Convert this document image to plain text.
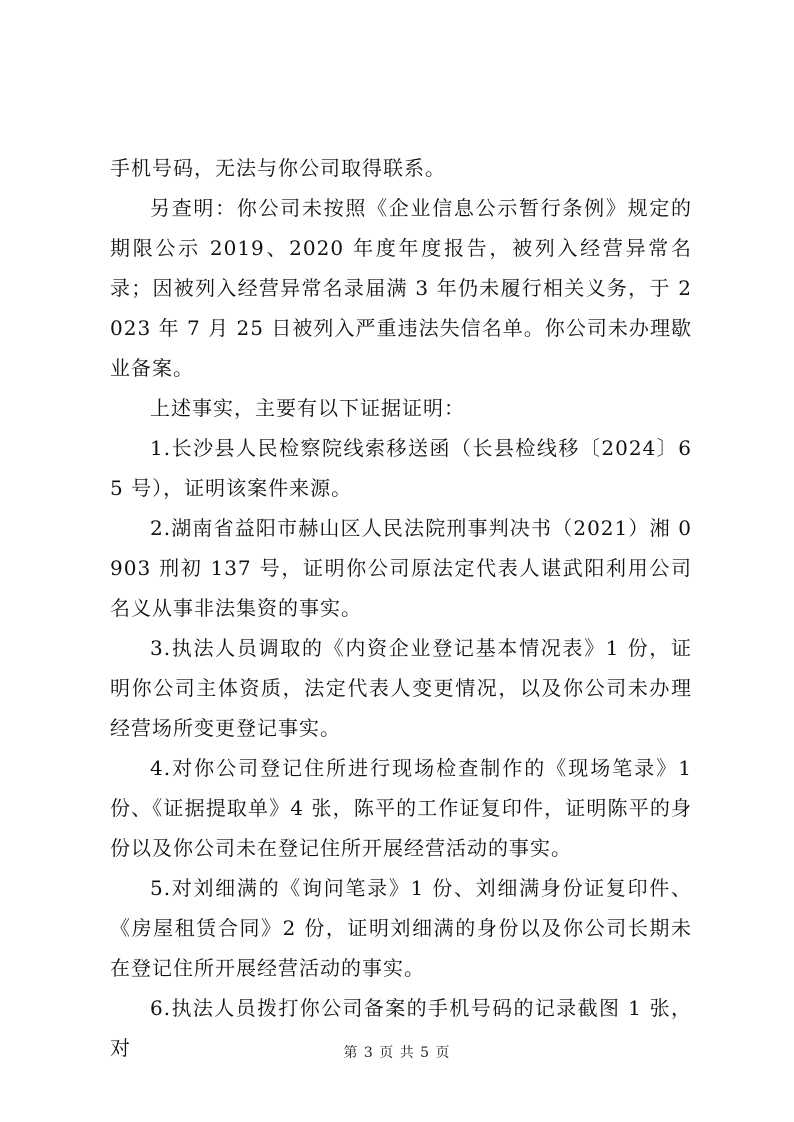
手机号码，无法与你公司取得联系。

另查明：你公司未按照《企业信息公示暂行条例》规定的期限公示 2019、2020 年度年度报告，被列入经营异常名录；因被列入经营异常名录届满 3 年仍未履行相关义务，于 2023 年 7 月 25 日被列入严重违法失信名单。你公司未办理歇业备案。

上述事实，主要有以下证据证明：

1.长沙县人民检察院线索移送函（长县检线移〔2024〕65 号），证明该案件来源。

2.湖南省益阳市赫山区人民法院刑事判决书（2021）湘 0903 刑初 137 号，证明你公司原法定代表人谌武阳利用公司名义从事非法集资的事实。

3.执法人员调取的《内资企业登记基本情况表》1 份，证明你公司主体资质，法定代表人变更情况，以及你公司未办理经营场所变更登记事实。

4.对你公司登记住所进行现场检查制作的《现场笔录》1 份、《证据提取单》4 张，陈平的工作证复印件，证明陈平的身份以及你公司未在登记住所开展经营活动的事实。

5.对刘细满的《询问笔录》1 份、刘细满身份证复印件、《房屋租赁合同》2 份，证明刘细满的身份以及你公司长期未在登记住所开展经营活动的事实。

6.执法人员拨打你公司备案的手机号码的记录截图 1 张，对	第 3 页 共 5 页
